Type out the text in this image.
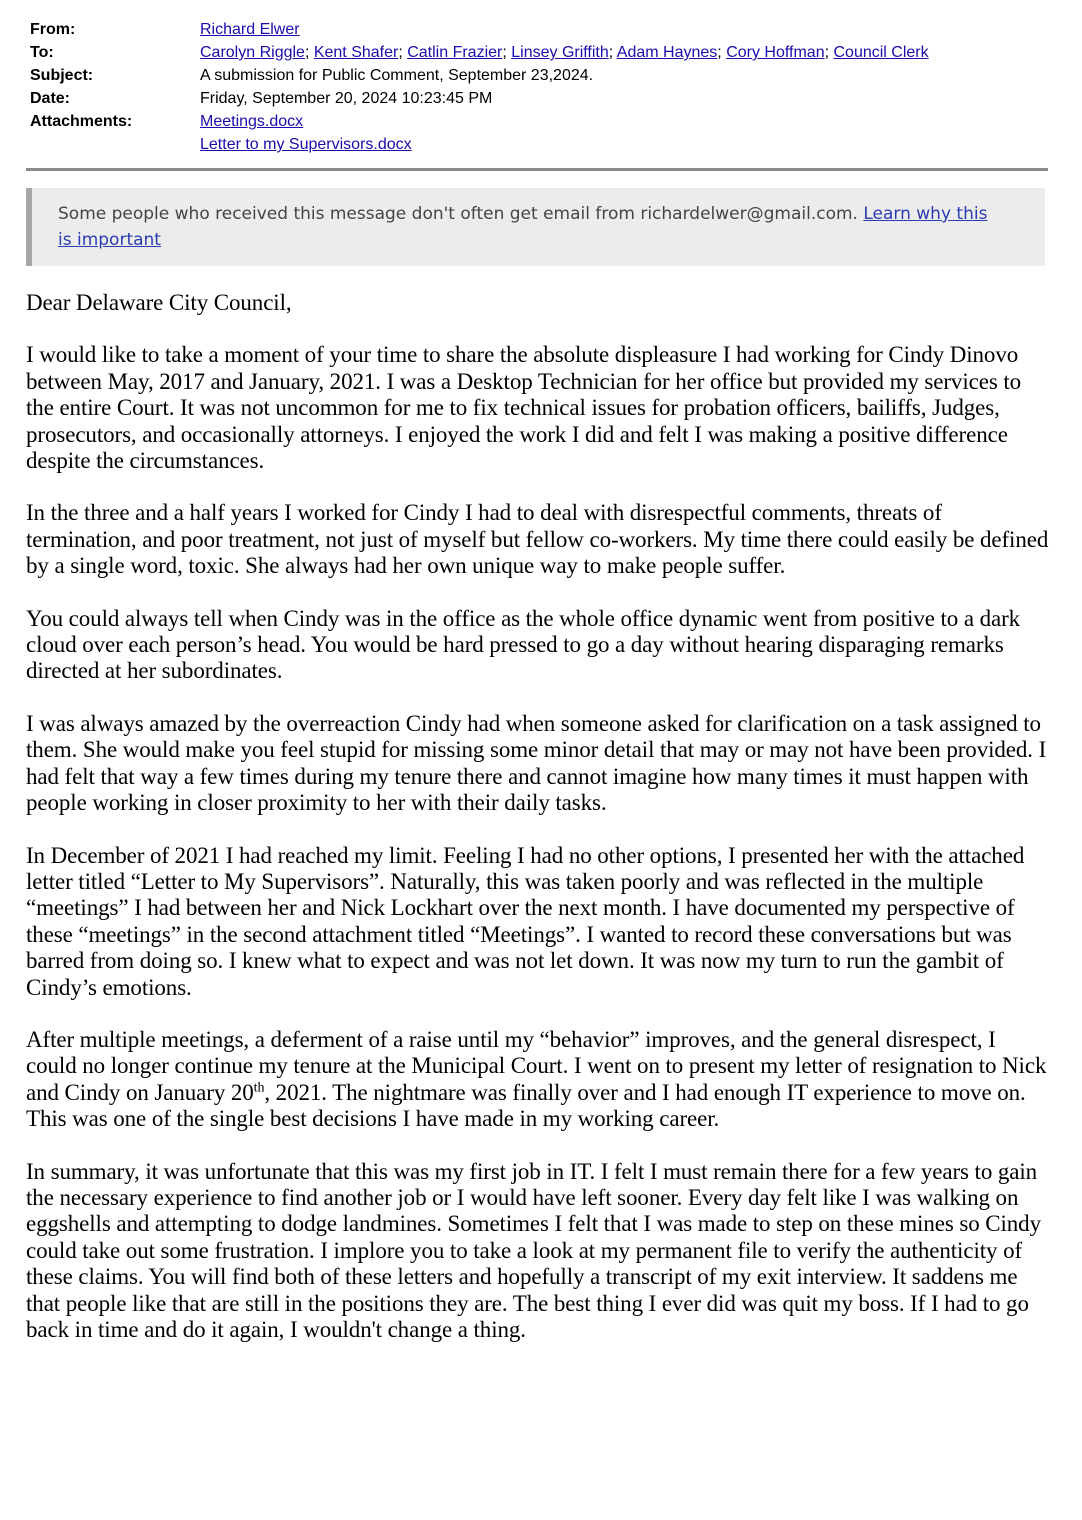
From:	Richard Elwer
To:	Carolyn Riggle; Kent Shafer; Catlin Frazier; Linsey Griffith; Adam Haynes; Cory Hoffman; Council Clerk
Subject:	A submission for Public Comment, September 23,2024.
Date:	Friday, September 20, 2024 10:23:45 PM
Attachments:	Meetings.docx
Letter to my Supervisors.docx
Some people who received this message don't often get email from richardelwer@gmail.com. Learn why this is important

Dear Delaware City Council,

I would like to take a moment of your time to share the absolute displeasure I had working for Cindy Dinovo between May, 2017 and January, 2021. I was a Desktop Technician for her office but provided my services to the entire Court. It was not uncommon for me to fix technical issues for probation officers, bailiffs, Judges, prosecutors, and occasionally attorneys. I enjoyed the work I did and felt I was making a positive difference despite the circumstances.

In the three and a half years I worked for Cindy I had to deal with disrespectful comments, threats of termination, and poor treatment, not just of myself but fellow co-workers. My time there could easily be defined by a single word, toxic. She always had her own unique way to make people suffer.

You could always tell when Cindy was in the office as the whole office dynamic went from positive to a dark cloud over each person’s head. You would be hard pressed to go a day without hearing disparaging remarks directed at her subordinates.

I was always amazed by the overreaction Cindy had when someone asked for clarification on a task assigned to them. She would make you feel stupid for missing some minor detail that may or may not have been provided. I had felt that way a few times during my tenure there and cannot imagine how many times it must happen with people working in closer proximity to her with their daily tasks.

In December of 2021 I had reached my limit. Feeling I had no other options, I presented her with the attached letter titled “Letter to My Supervisors”. Naturally, this was taken poorly and was reflected in the multiple “meetings” I had between her and Nick Lockhart over the next month. I have documented my perspective of these “meetings” in the second attachment titled “Meetings”. I wanted to record these conversations but was barred from doing so. I knew what to expect and was not let down. It was now my turn to run the gambit of Cindy’s emotions.

After multiple meetings, a deferment of a raise until my “behavior” improves, and the general disrespect, I could no longer continue my tenure at the Municipal Court. I went on to present my letter of resignation to Nick and Cindy on January 20th, 2021. The nightmare was finally over and I had enough IT experience to move on. This was one of the single best decisions I have made in my working career.

In summary, it was unfortunate that this was my first job in IT. I felt I must remain there for a few years to gain the necessary experience to find another job or I would have left sooner. Every day felt like I was walking on eggshells and attempting to dodge landmines. Sometimes I felt that I was made to step on these mines so Cindy could take out some frustration. I implore you to take a look at my permanent file to verify the authenticity of these claims. You will find both of these letters and hopefully a transcript of my exit interview. It saddens me that people like that are still in the positions they are. The best thing I ever did was quit my boss. If I had to go back in time and do it again, I wouldn't change a thing.
